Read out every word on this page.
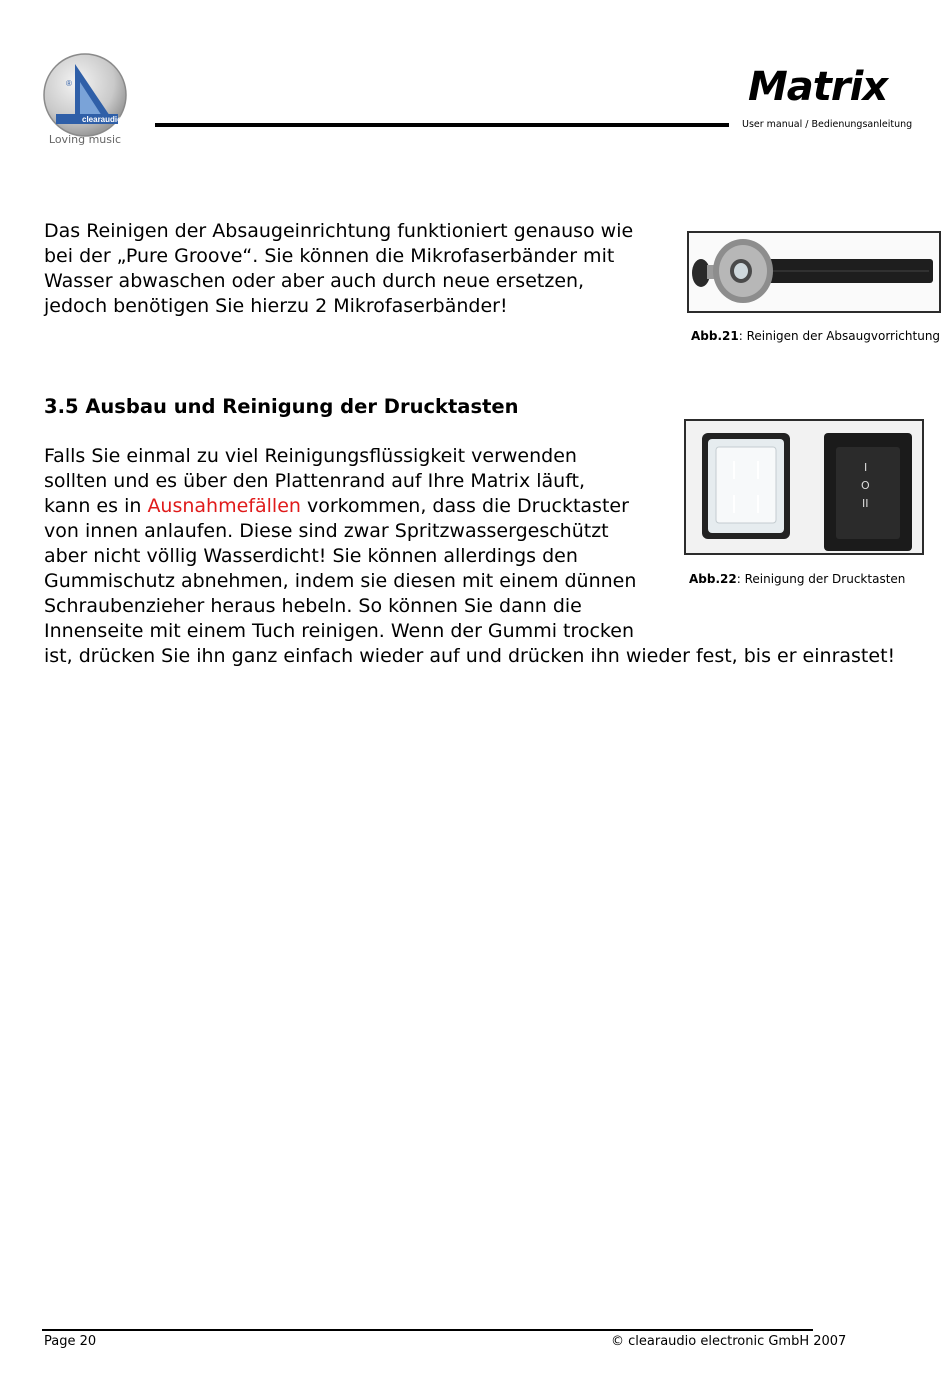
clearaudio
®
Loving music
Matrix
User manual / Bedienungsanleitung
Das Reinigen der Absaugeinrichtung funktioniert genauso wie
bei der „Pure Groove“. Sie können die Mikrofaserbänder mit
Wasser abwaschen oder aber auch durch neue ersetzen,
jedoch benötigen Sie hierzu 2 Mikrofaserbänder!
Abb.21: Reinigen der Absaugvorrichtung
3.5 Ausbau und Reinigung der Drucktasten
Falls Sie einmal zu viel Reinigungsflüssigkeit verwenden
sollten und es über den Plattenrand auf Ihre Matrix läuft,
kann es in Ausnahmefällen vorkommen, dass die Drucktaster
von innen anlaufen. Diese sind zwar Spritzwassergeschützt
aber nicht völlig Wasserdicht! Sie können allerdings den
Gummischutz abnehmen, indem sie diesen mit einem dünnen
Schraubenzieher heraus hebeln. So können Sie dann die
Innenseite mit einem Tuch reinigen. Wenn der Gummi trocken
ist, drücken Sie ihn ganz einfach wieder auf und drücken ihn wieder fest, bis er einrastet!
I
O
II
Abb.22: Reinigung der Drucktasten
Page 20	© clearaudio electronic GmbH 2007
